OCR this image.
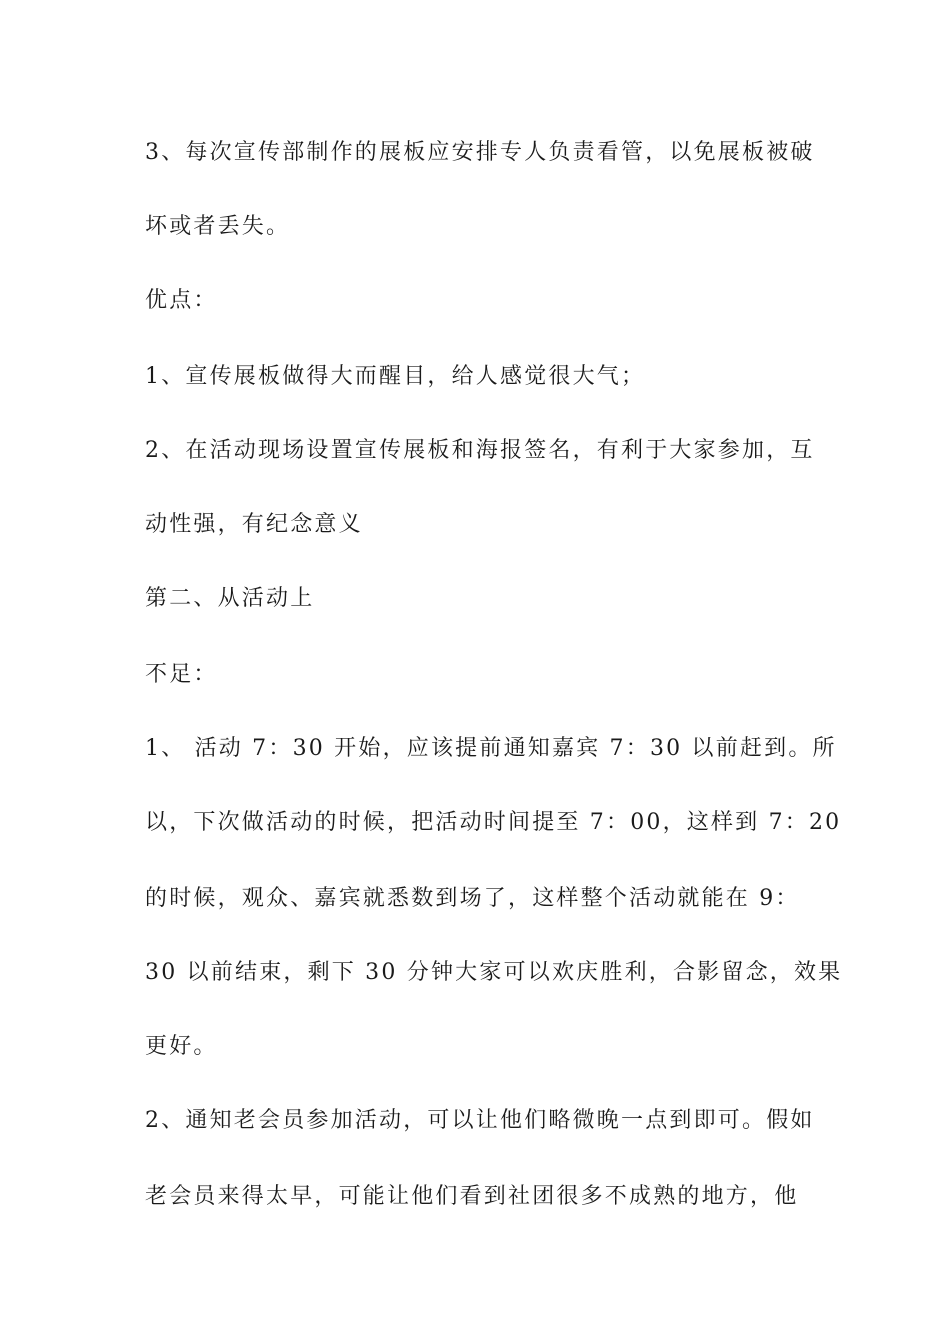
3、每次宣传部制作的展板应安排专人负责看管，以免展板被破
坏或者丢失。
优点：
1、宣传展板做得大而醒目，给人感觉很大气；
2、在活动现场设置宣传展板和海报签名，有利于大家参加，互
动性强，有纪念意义
第二、从活动上
不足：
1、 活动 7：30 开始，应该提前通知嘉宾 7：30 以前赶到。所
以，下次做活动的时候，把活动时间提至 7：00，这样到 7：20
的时候，观众、嘉宾就悉数到场了，这样整个活动就能在 9：
30 以前结束，剩下 30 分钟大家可以欢庆胜利，合影留念，效果
更好。
2、通知老会员参加活动，可以让他们略微晚一点到即可。假如
老会员来得太早，可能让他们看到社团很多不成熟的地方，他
